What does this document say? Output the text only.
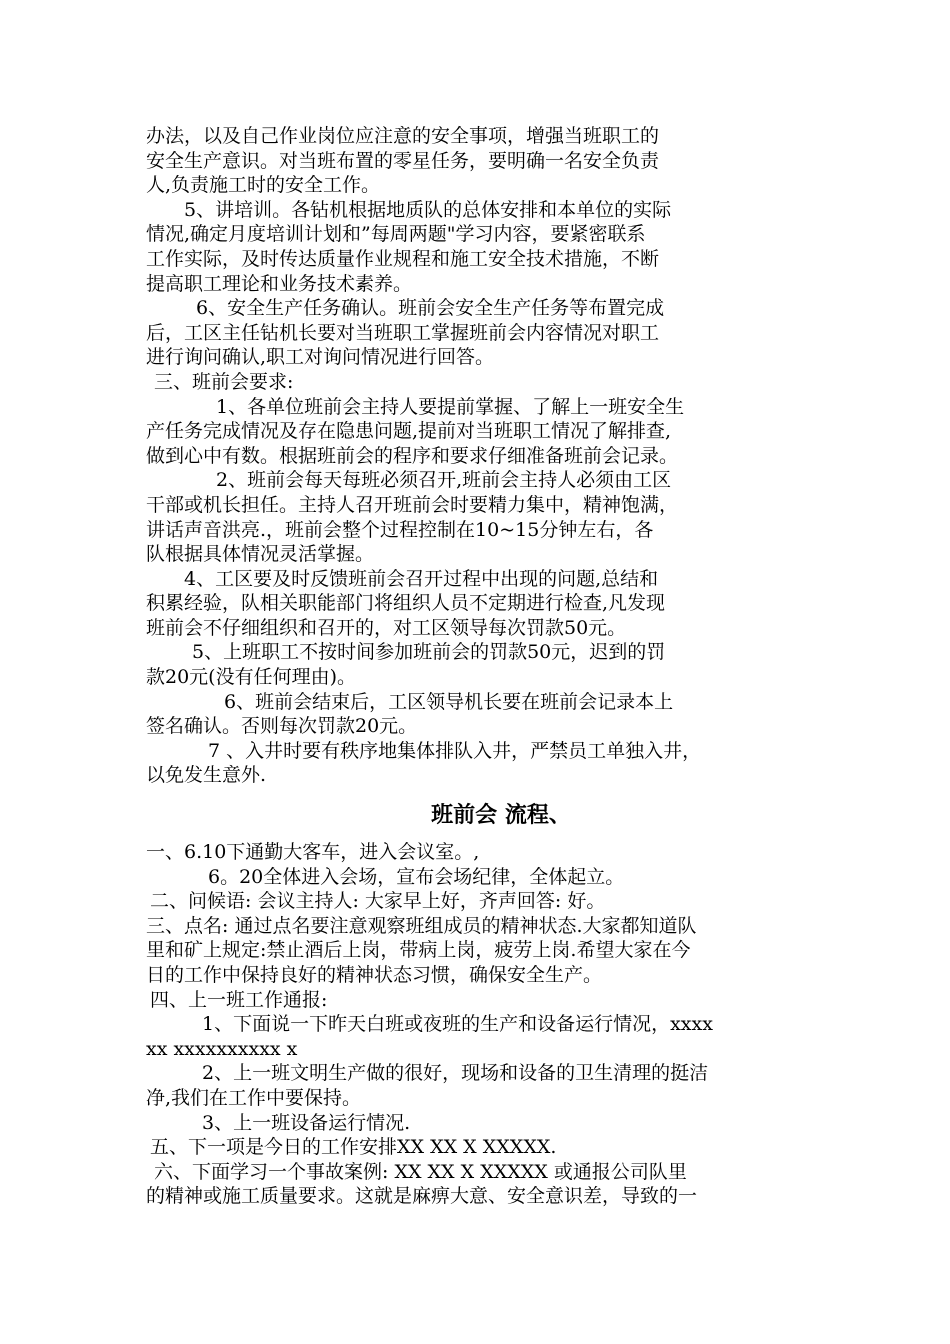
办法，以及自己作业岗位应注意的安全事项，增强当班职工的
安全生产意识。对当班布置的零星任务，要明确一名安全负责
人,负责施工时的安全工作。
5、讲培训。各钻机根据地质队的总体安排和本单位的实际
情况,确定月度培训计划和”每周两题"学习内容，要紧密联系
工作实际，及时传达质量作业规程和施工安全技术措施，不断
提高职工理论和业务技术素养。
6、安全生产任务确认。班前会安全生产任务等布置完成
后，工区主任钻机长要对当班职工掌握班前会内容情况对职工
进行询问确认,职工对询问情况进行回答。
三、班前会要求:
1、各单位班前会主持人要提前掌握、了解上一班安全生
产任务完成情况及存在隐患问题,提前对当班职工情况了解排查,
做到心中有数。根据班前会的程序和要求仔细准备班前会记录。
2、班前会每天每班必须召开,班前会主持人必须由工区
干部或机长担任。主持人召开班前会时要精力集中，精神饱满，
讲话声音洪亮.，班前会整个过程控制在10~15分钟左右，各
队根据具体情况灵活掌握。
4、工区要及时反馈班前会召开过程中出现的问题,总结和
积累经验，队相关职能部门将组织人员不定期进行检查,凡发现
班前会不仔细组织和召开的，对工区领导每次罚款50元。
5、上班职工不按时间参加班前会的罚款50元，迟到的罚
款20元(没有任何理由)。
6、班前会结束后，工区领导机长要在班前会记录本上
签名确认。否则每次罚款20元。
7 、入井时要有秩序地集体排队入井，严禁员工单独入井，
以免发生意外.
班前会 流程、
一、6.10下通勤大客车，进入会议室。,
6。20全体进入会场，宣布会场纪律，全体起立。
二、问候语: 会议主持人: 大家早上好，齐声回答: 好。
三、点名: 通过点名要注意观察班组成员的精神状态.大家都知道队
里和矿上规定:禁止酒后上岗，带病上岗，疲劳上岗.希望大家在今
日的工作中保持良好的精神状态习惯，确保安全生产。
四、上一班工作通报:
1、下面说一下昨天白班或夜班的生产和设备运行情况，xxxx
xx xxxxxxxxxx x
2、上一班文明生产做的很好，现场和设备的卫生清理的挺洁
净,我们在工作中要保持。
3、上一班设备运行情况.
五、下一项是今日的工作安排XX XX X XXXXX.
六、下面学习一个事故案例: XX XX X XXXXX 或通报公司队里
的精神或施工质量要求。这就是麻痹大意、安全意识差，导致的一
